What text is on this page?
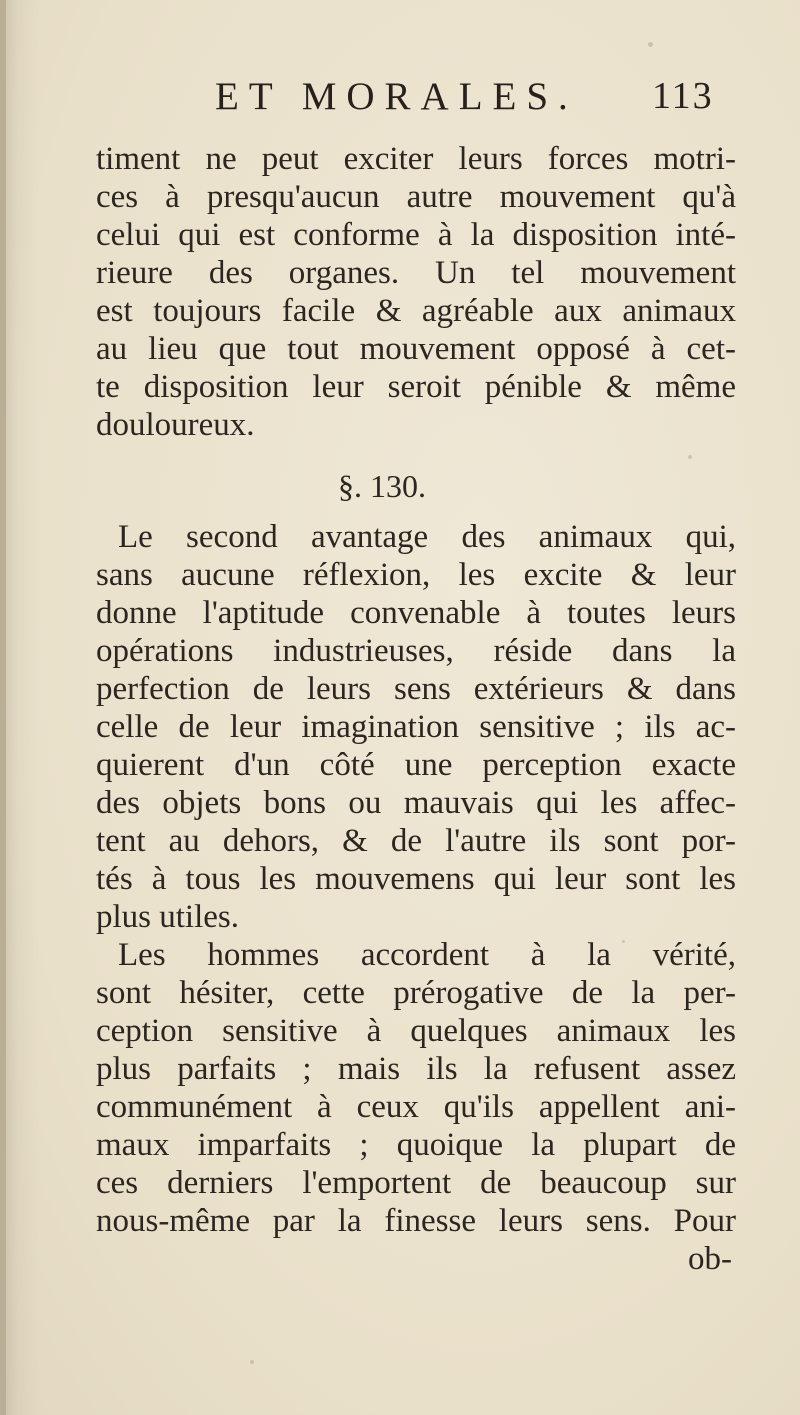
ET MORALES. 113
timent ne peut exciter leurs forces motri-
ces à presqu'aucun autre mouvement qu'à
celui qui est conforme à la disposition inté-
rieure des organes. Un tel mouvement
est toujours facile & agréable aux animaux
au lieu que tout mouvement opposé à cet-
te disposition leur seroit pénible & même
douloureux.
§. 130.
Le second avantage des animaux qui,
sans aucune réflexion, les excite & leur
donne l'aptitude convenable à toutes leurs
opérations industrieuses, réside dans la
perfection de leurs sens extérieurs & dans
celle de leur imagination sensitive ; ils ac-
quierent d'un côté une perception exacte
des objets bons ou mauvais qui les affec-
tent au dehors, & de l'autre ils sont por-
tés à tous les mouvemens qui leur sont les
plus utiles.
Les hommes accordent à la vérité,
sont hésiter, cette prérogative de la per-
ception sensitive à quelques animaux les
plus parfaits ; mais ils la refusent assez
communément à ceux qu'ils appellent ani-
maux imparfaits ; quoique la plupart de
ces derniers l'emportent de beaucoup sur
nous-même par la finesse leurs sens. Pour
ob-
